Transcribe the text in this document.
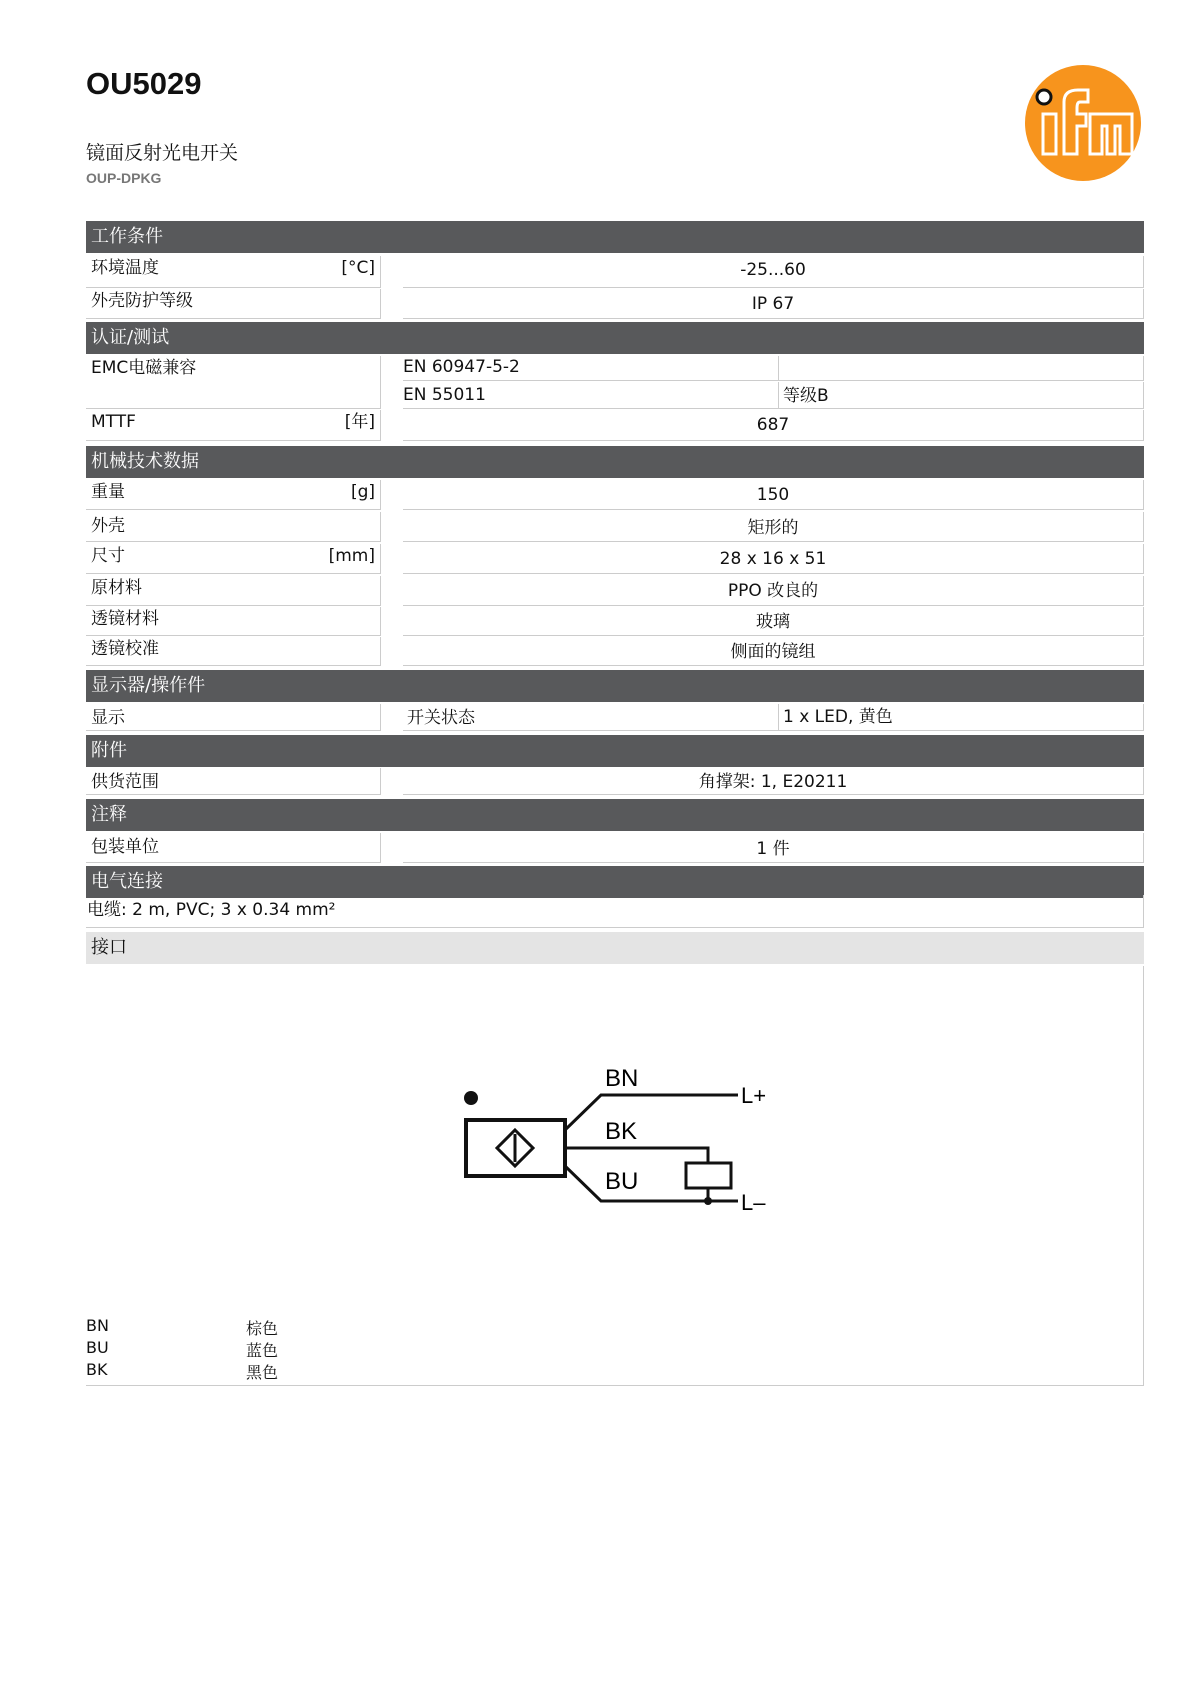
OU5029
镜面反射光电开关
OUP-DPKG
工作条件
环境温度	[°C]	-25...60
外壳防护等级	IP 67
认证/测试
EMC电磁兼容	EN 60947-5-2
EN 55011	等级B
MTTF	[年]	687
机械技术数据
重量	[g]	150
外壳	矩形的
尺寸	[mm]	28 x 16 x 51
原材料	PPO 改良的
透镜材料	玻璃
透镜校准	侧面的镜组
显示器/操作件
显示	开关状态	1 x LED, 黄色
附件
供货范围	角撑架: 1, E20211
注释
包装单位	1 件
电气连接
电缆: 2 m, PVC; 3 x 0.34 mm²
接口
BN
BK
BU
L+
L–
BN	棕色
BU	蓝色
BK	黑色
